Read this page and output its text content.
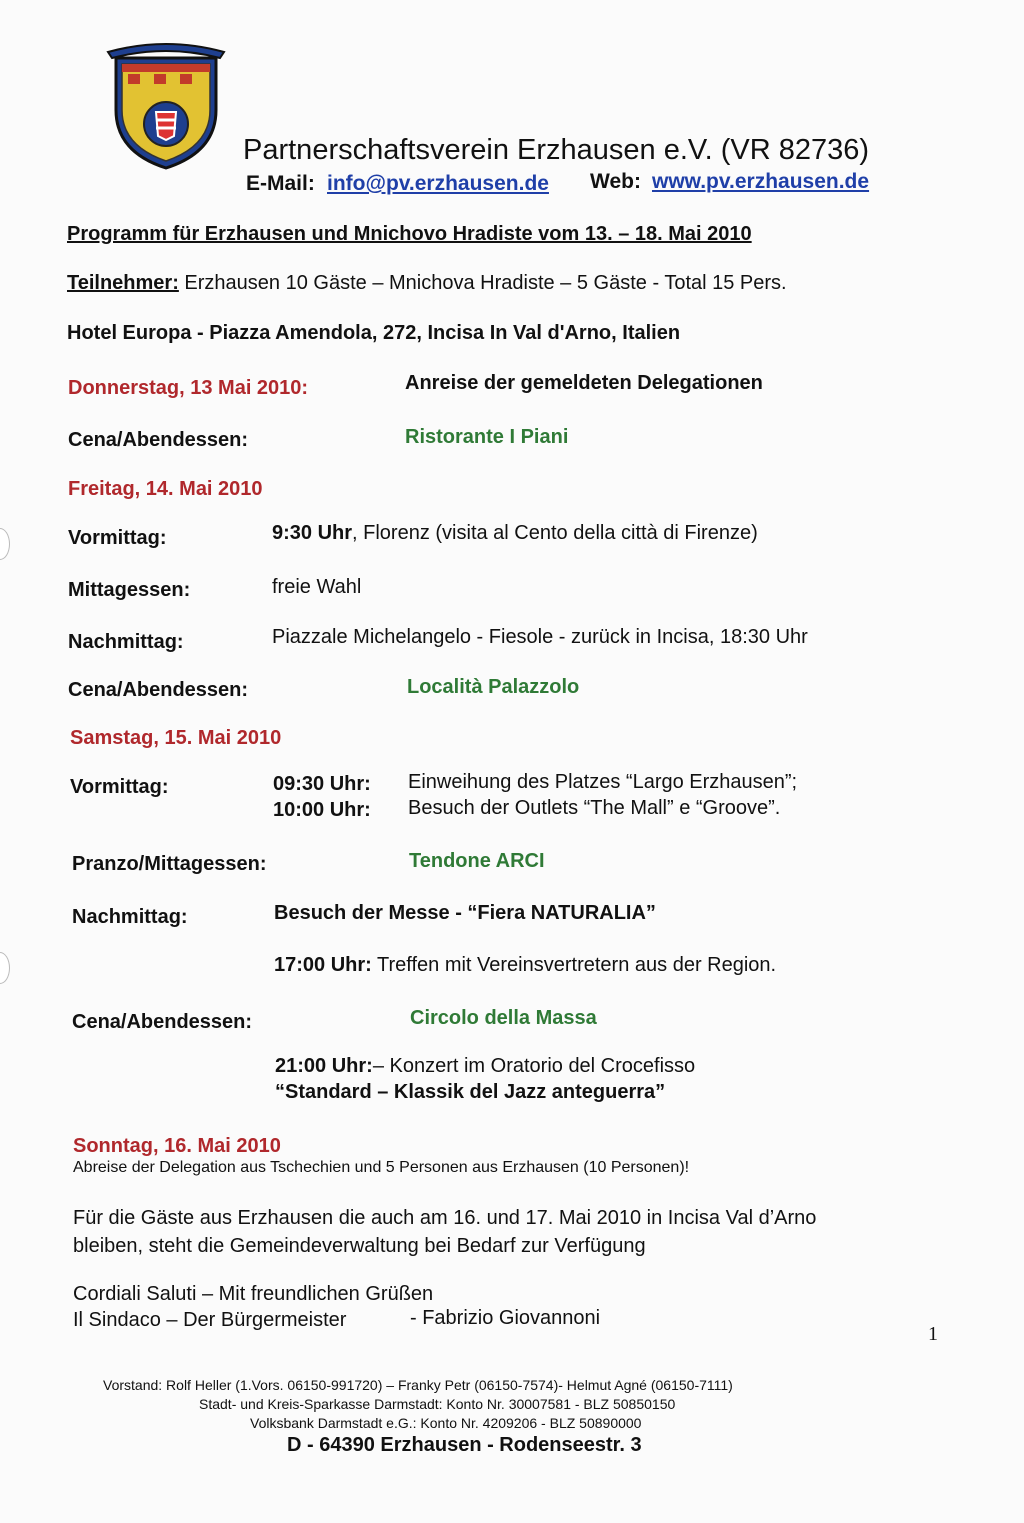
Partnerschaftsverein Erzhausen e.V. (VR 82736)
E-Mail: info@pv.erzhausen.de Web: www.pv.erzhausen.de
Programm für Erzhausen und Mnichovo Hradiste vom 13. – 18. Mai 2010
Teilnehmer: Erzhausen 10 Gäste – Mnichova Hradiste – 5 Gäste - Total 15 Pers.
Hotel Europa - Piazza Amendola, 272, Incisa In Val d'Arno, Italien
Donnerstag, 13 Mai 2010:	Anreise der gemeldeten Delegationen
Cena/Abendessen:	Ristorante I Piani
Freitag, 14. Mai 2010
Vormittag:	9:30 Uhr, Florenz (visita al Cento della città di Firenze)
Mittagessen:	freie Wahl
Nachmittag:	Piazzale Michelangelo - Fiesole - zurück in Incisa, 18:30 Uhr
Cena/Abendessen:	Località Palazzolo
Samstag, 15. Mai 2010
Vormittag:	09:30 Uhr: Einweihung des Platzes “Largo Erzhausen”;
10:00 Uhr: Besuch der Outlets “The Mall” e “Groove”.
Pranzo/Mittagessen:	Tendone ARCI
Nachmittag:	Besuch der Messe - “Fiera NATURALIA”
17:00 Uhr: Treffen mit Vereinsvertretern aus der Region.
Cena/Abendessen:	Circolo della Massa
21:00 Uhr:– Konzert im Oratorio del Crocefisso
“Standard – Klassik del Jazz anteguerra”
Sonntag, 16. Mai 2010
Abreise der Delegation aus Tschechien und 5 Personen aus Erzhausen (10 Personen)!
Für die Gäste aus Erzhausen die auch am 16. und 17. Mai 2010 in Incisa Val d’Arno
bleiben, steht die Gemeindeverwaltung bei Bedarf zur Verfügung
Cordiali Saluti – Mit freundlichen Grüßen
Il Sindaco – Der Bürgermeister	- Fabrizio Giovannoni
1
Vorstand: Rolf Heller (1.Vors. 06150-991720) – Franky Petr (06150-7574)- Helmut Agné (06150-7111)
Stadt- und Kreis-Sparkasse Darmstadt: Konto Nr. 30007581 - BLZ 50850150
Volksbank Darmstadt e.G.: Konto Nr. 4209206 - BLZ 50890000
D - 64390 Erzhausen - Rodenseestr. 3
